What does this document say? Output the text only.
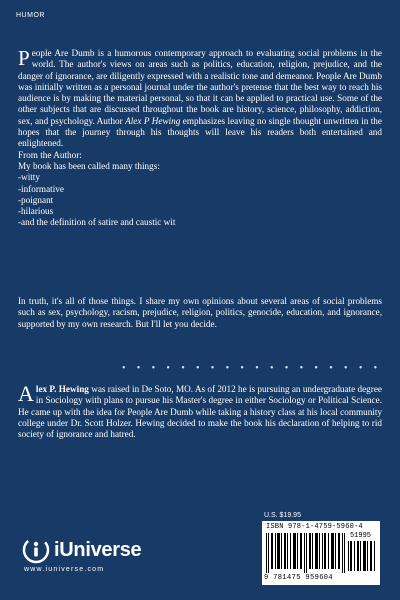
HUMOR

People Are Dumb is a humorous contemporary approach to evaluating social problems in the world. The author's views on areas such as politics, education, religion, prejudice, and the danger of ignorance, are diligently expressed with a realistic tone and demeanor. People Are Dumb was initially written as a personal journal under the author's pretense that the best way to reach his audience is by making the material personal, so that it can be applied to practical use. Some of the other subjects that are discussed throughout the book are history, science, philosophy, addiction, sex, and psychology. Author Alex P Hewing emphasizes leaving no single thought unwritten in the hopes that the journey through his thoughts will leave his readers both entertained and enlightened.

From the Author:

My book has been called many things:

-witty

-informative

-poignant

-hilarious

-and the definition of satire and caustic wit

In truth, it's all of those things. I share my own opinions about several areas of social problems such as sex, psychology, racism, prejudice, religion, politics, genocide, education, and ignorance, supported by my own research. But I'll let you decide.

• • • • • • • • • • • • • • • • • •

Alex P. Hewing was raised in De Soto, MO. As of 2012 he is pursuing an undergraduate degree in Sociology with plans to pursue his Master's degree in either Sociology or Political Science. He came up with the idea for People Are Dumb while taking a history class at his local community college under Dr. Scott Holzer. Hewing decided to make the book his declaration of helping to rid society of ignorance and hatred.

U.S. $19.95
ISBN 978-1-4759-5960-4
51995
9 781475 959604
iUniverse
www.iuniverse.com
